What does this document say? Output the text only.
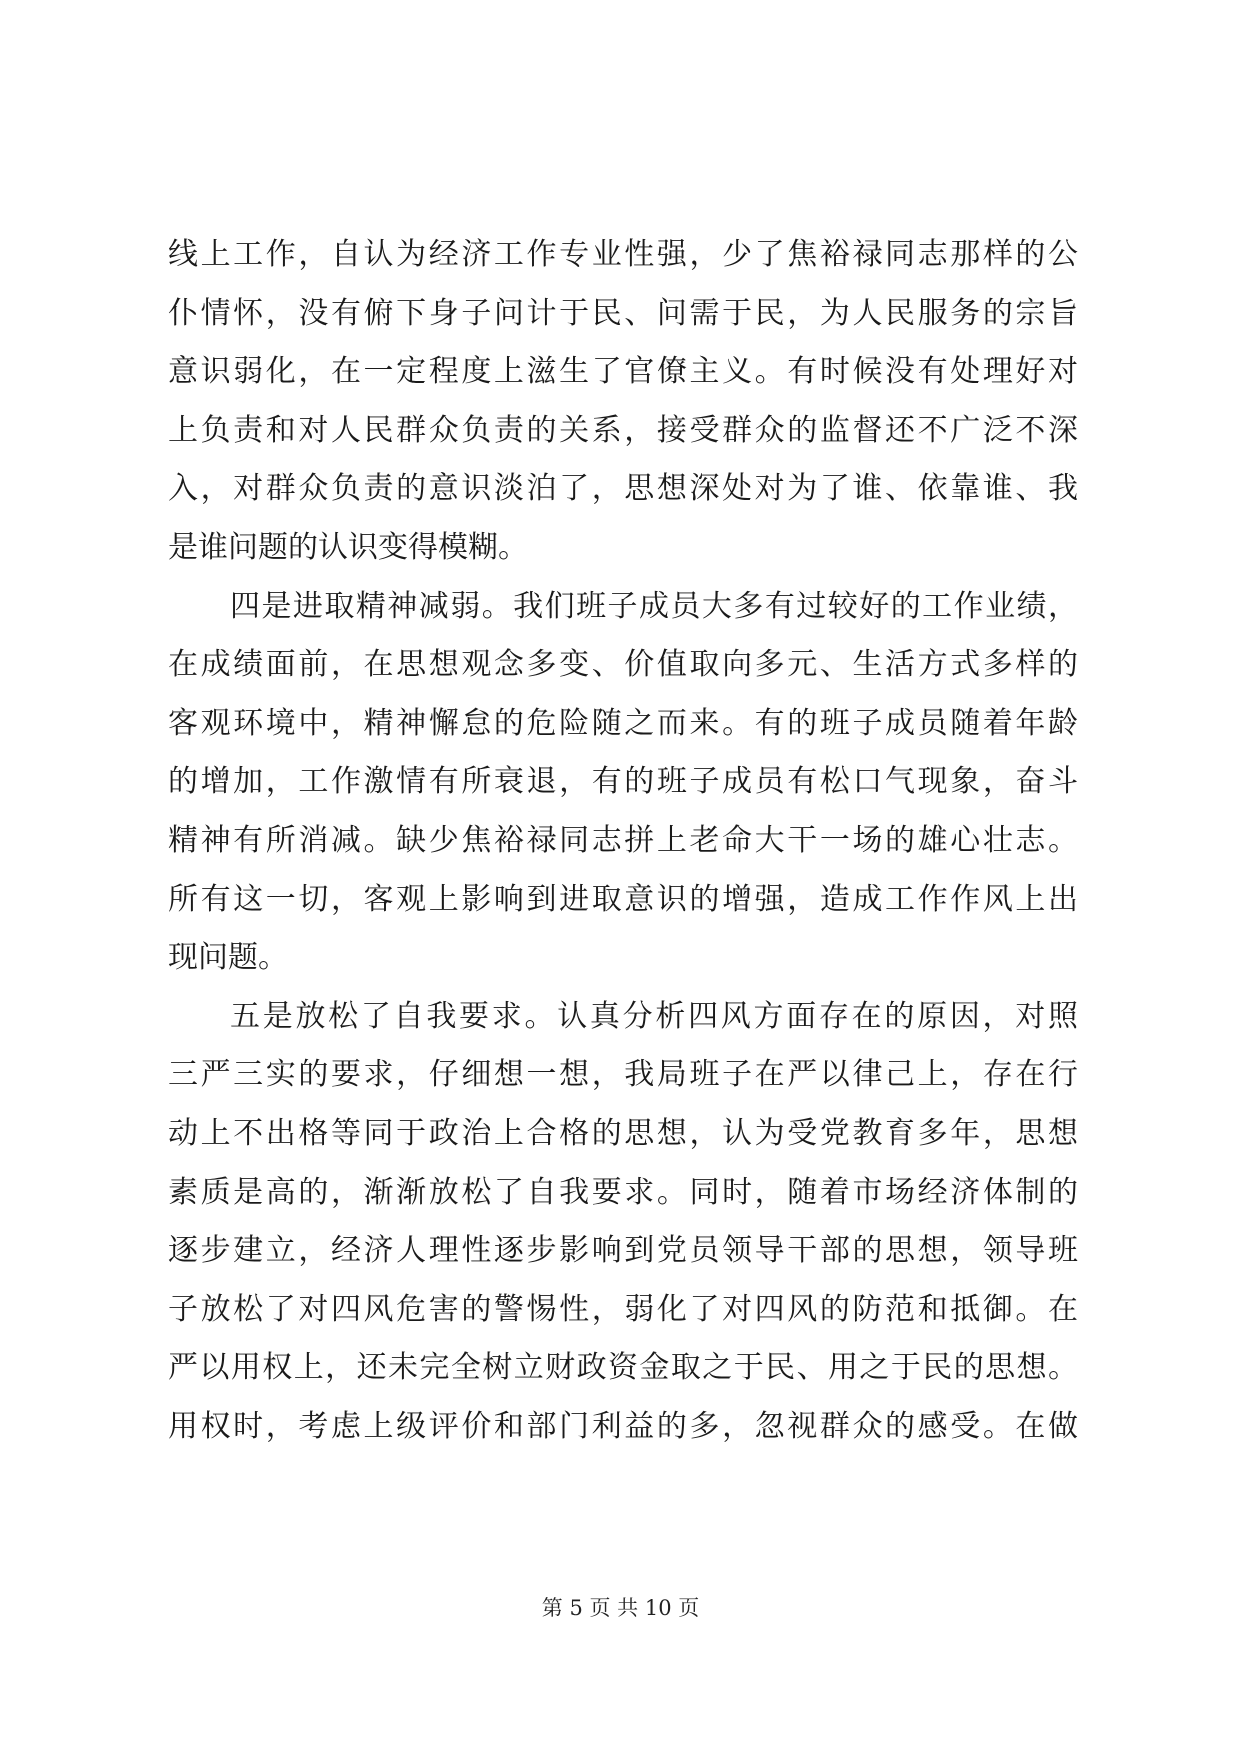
线上工作，自认为经济工作专业性强，少了焦裕禄同志那样的公
仆情怀，没有俯下身子问计于民、问需于民，为人民服务的宗旨
意识弱化，在一定程度上滋生了官僚主义。有时候没有处理好对
上负责和对人民群众负责的关系，接受群众的监督还不广泛不深
入，对群众负责的意识淡泊了，思想深处对为了谁、依靠谁、我
是谁问题的认识变得模糊。
四是进取精神减弱。我们班子成员大多有过较好的工作业绩，
在成绩面前，在思想观念多变、价值取向多元、生活方式多样的
客观环境中，精神懈怠的危险随之而来。有的班子成员随着年龄
的增加，工作激情有所衰退，有的班子成员有松口气现象，奋斗
精神有所消减。缺少焦裕禄同志拼上老命大干一场的雄心壮志。
所有这一切，客观上影响到进取意识的增强，造成工作作风上出
现问题。
五是放松了自我要求。认真分析四风方面存在的原因，对照
三严三实的要求，仔细想一想，我局班子在严以律己上，存在行
动上不出格等同于政治上合格的思想，认为受党教育多年，思想
素质是高的，渐渐放松了自我要求。同时，随着市场经济体制的
逐步建立，经济人理性逐步影响到党员领导干部的思想，领导班
子放松了对四风危害的警惕性，弱化了对四风的防范和抵御。在
严以用权上，还未完全树立财政资金取之于民、用之于民的思想。
用权时，考虑上级评价和部门利益的多，忽视群众的感受。在做
第 5 页 共 10 页
